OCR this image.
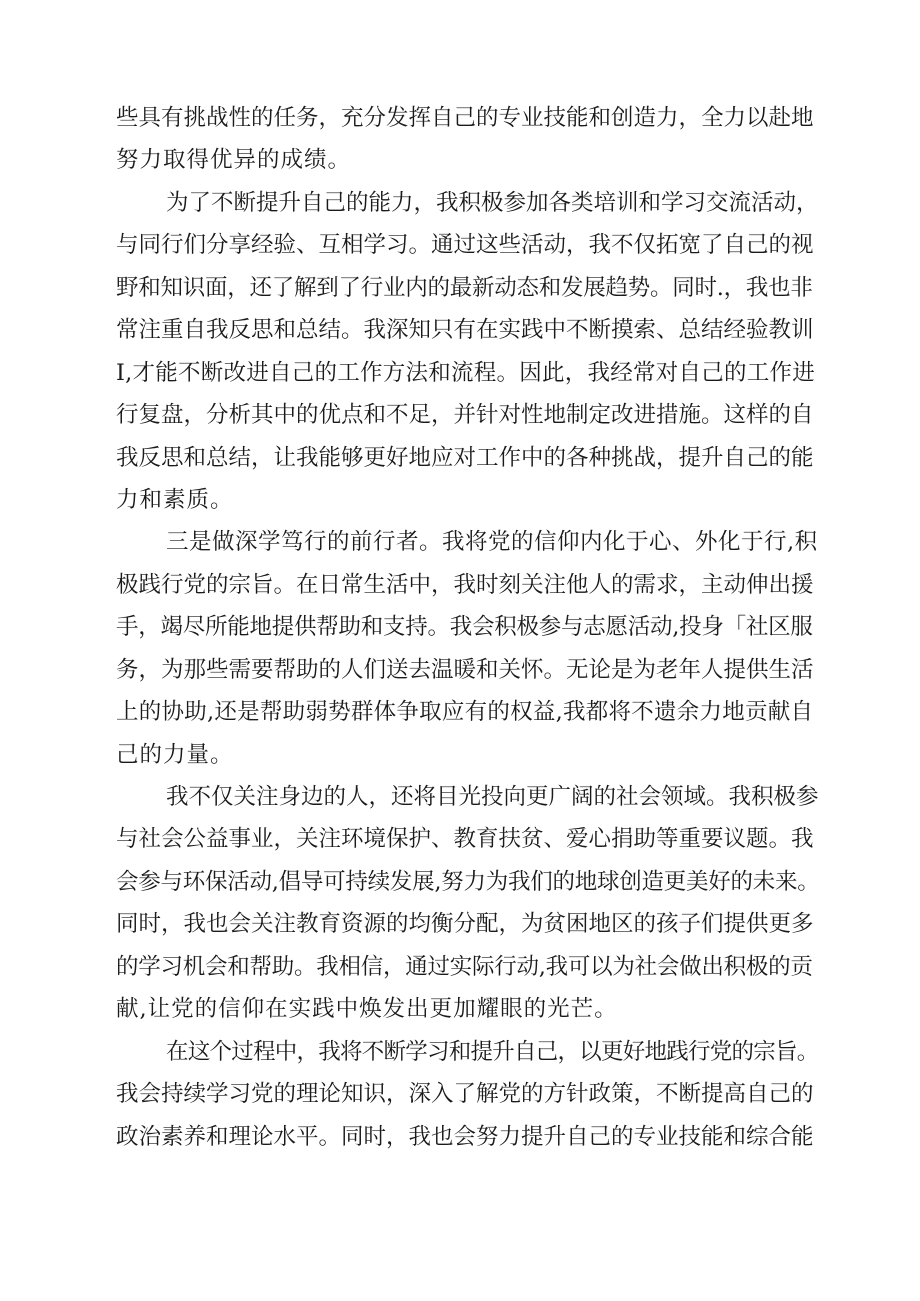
些具有挑战性的任务，充分发挥自己的专业技能和创造力，全力以赴地
努力取得优异的成绩。
为了不断提升自己的能力，我积极参加各类培训和学习交流活动，
与同行们分享经验、互相学习。通过这些活动，我不仅拓宽了自己的视
野和知识面，还了解到了行业内的最新动态和发展趋势。同时.，我也非
常注重自我反思和总结。我深知只有在实践中不断摸索、总结经验教训
I,才能不断改进自己的工作方法和流程。因此，我经常对自己的工作进
行复盘，分析其中的优点和不足，并针对性地制定改进措施。这样的自
我反思和总结，让我能够更好地应对工作中的各种挑战，提升自己的能
力和素质。
三是做深学笃行的前行者。我将党的信仰内化于心、外化于行,积
极践行党的宗旨。在日常生活中，我时刻关注他人的需求，主动伸出援
手，竭尽所能地提供帮助和支持。我会积极参与志愿活动,投身「社区服
务，为那些需要帮助的人们送去温暖和关怀。无论是为老年人提供生活
上的协助,还是帮助弱势群体争取应有的权益,我都将不遗余力地贡献自
己的力量。
我不仅关注身边的人，还将目光投向更广阔的社会领域。我积极参
与社会公益事业，关注环境保护、教育扶贫、爱心捐助等重要议题。我
会参与环保活动,倡导可持续发展,努力为我们的地球创造更美好的未来。
同时，我也会关注教育资源的均衡分配，为贫困地区的孩子们提供更多
的学习机会和帮助。我相信，通过实际行动,我可以为社会做出积极的贡
献,让党的信仰在实践中焕发出更加耀眼的光芒。
在这个过程中，我将不断学习和提升自己，以更好地践行党的宗旨。
我会持续学习党的理论知识，深入了解党的方针政策，不断提高自己的
政治素养和理论水平。同时，我也会努力提升自己的专业技能和综合能
